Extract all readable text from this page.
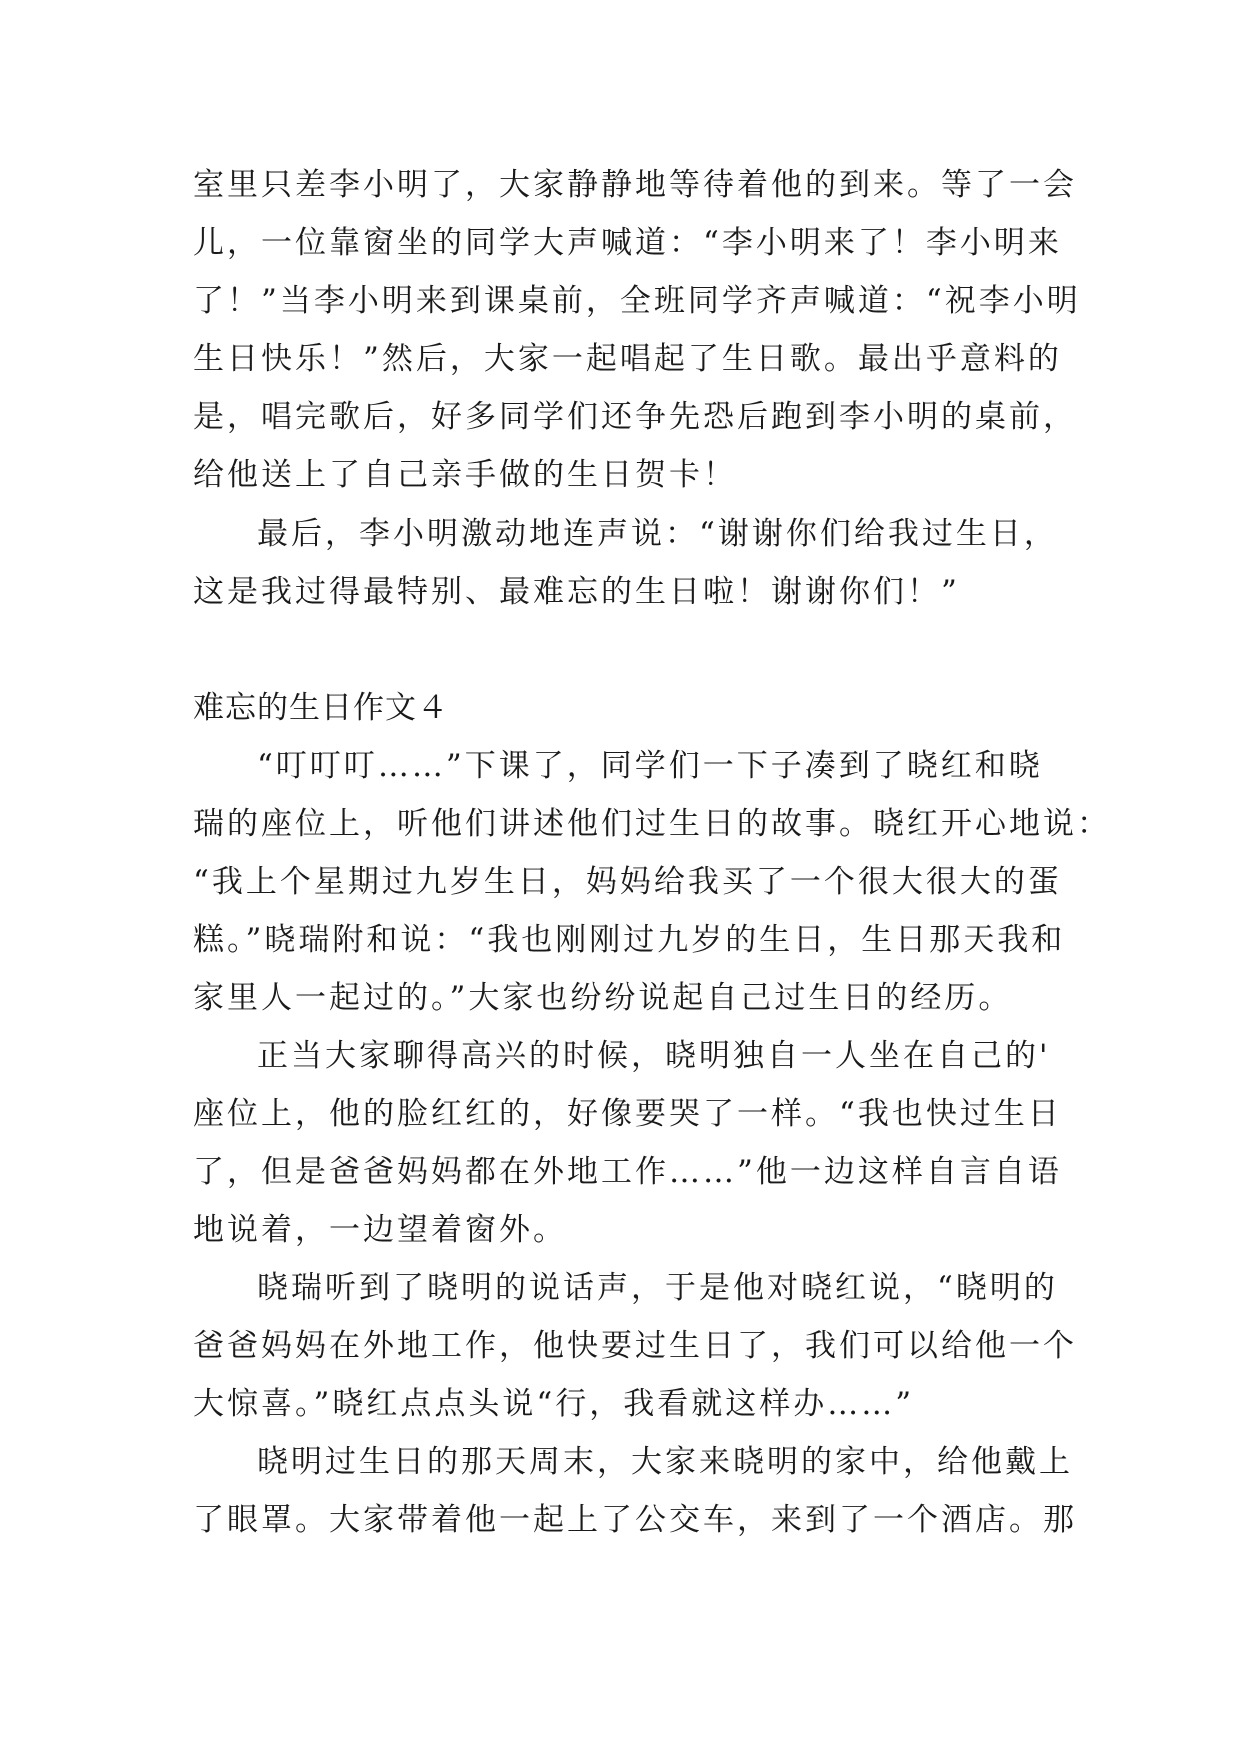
室里只差李小明了，大家静静地等待着他的到来。等了一会

儿，一位靠窗坐的同学大声喊道：“李小明来了！李小明来

了！”当李小明来到课桌前，全班同学齐声喊道：“祝李小明

生日快乐！”然后，大家一起唱起了生日歌。最出乎意料的

是，唱完歌后，好多同学们还争先恐后跑到李小明的桌前，

给他送上了自己亲手做的生日贺卡！

最后，李小明激动地连声说：“谢谢你们给我过生日，

这是我过得最特别、最难忘的生日啦！谢谢你们！”

难忘的生日作文４

“叮叮叮……”下课了，同学们一下子凑到了晓红和晓

瑞的座位上，听他们讲述他们过生日的故事。晓红开心地说：

“我上个星期过九岁生日，妈妈给我买了一个很大很大的蛋

糕。”晓瑞附和说：“我也刚刚过九岁的生日，生日那天我和

家里人一起过的。”大家也纷纷说起自己过生日的经历。

正当大家聊得高兴的时候，晓明独自一人坐在自己的'

座位上，他的脸红红的，好像要哭了一样。“我也快过生日

了，但是爸爸妈妈都在外地工作……”他一边这样自言自语

地说着，一边望着窗外。

晓瑞听到了晓明的说话声，于是他对晓红说，“晓明的

爸爸妈妈在外地工作，他快要过生日了，我们可以给他一个

大惊喜。”晓红点点头说“行，我看就这样办……”

晓明过生日的那天周末，大家来晓明的家中，给他戴上

了眼罩。大家带着他一起上了公交车，来到了一个酒店。那
